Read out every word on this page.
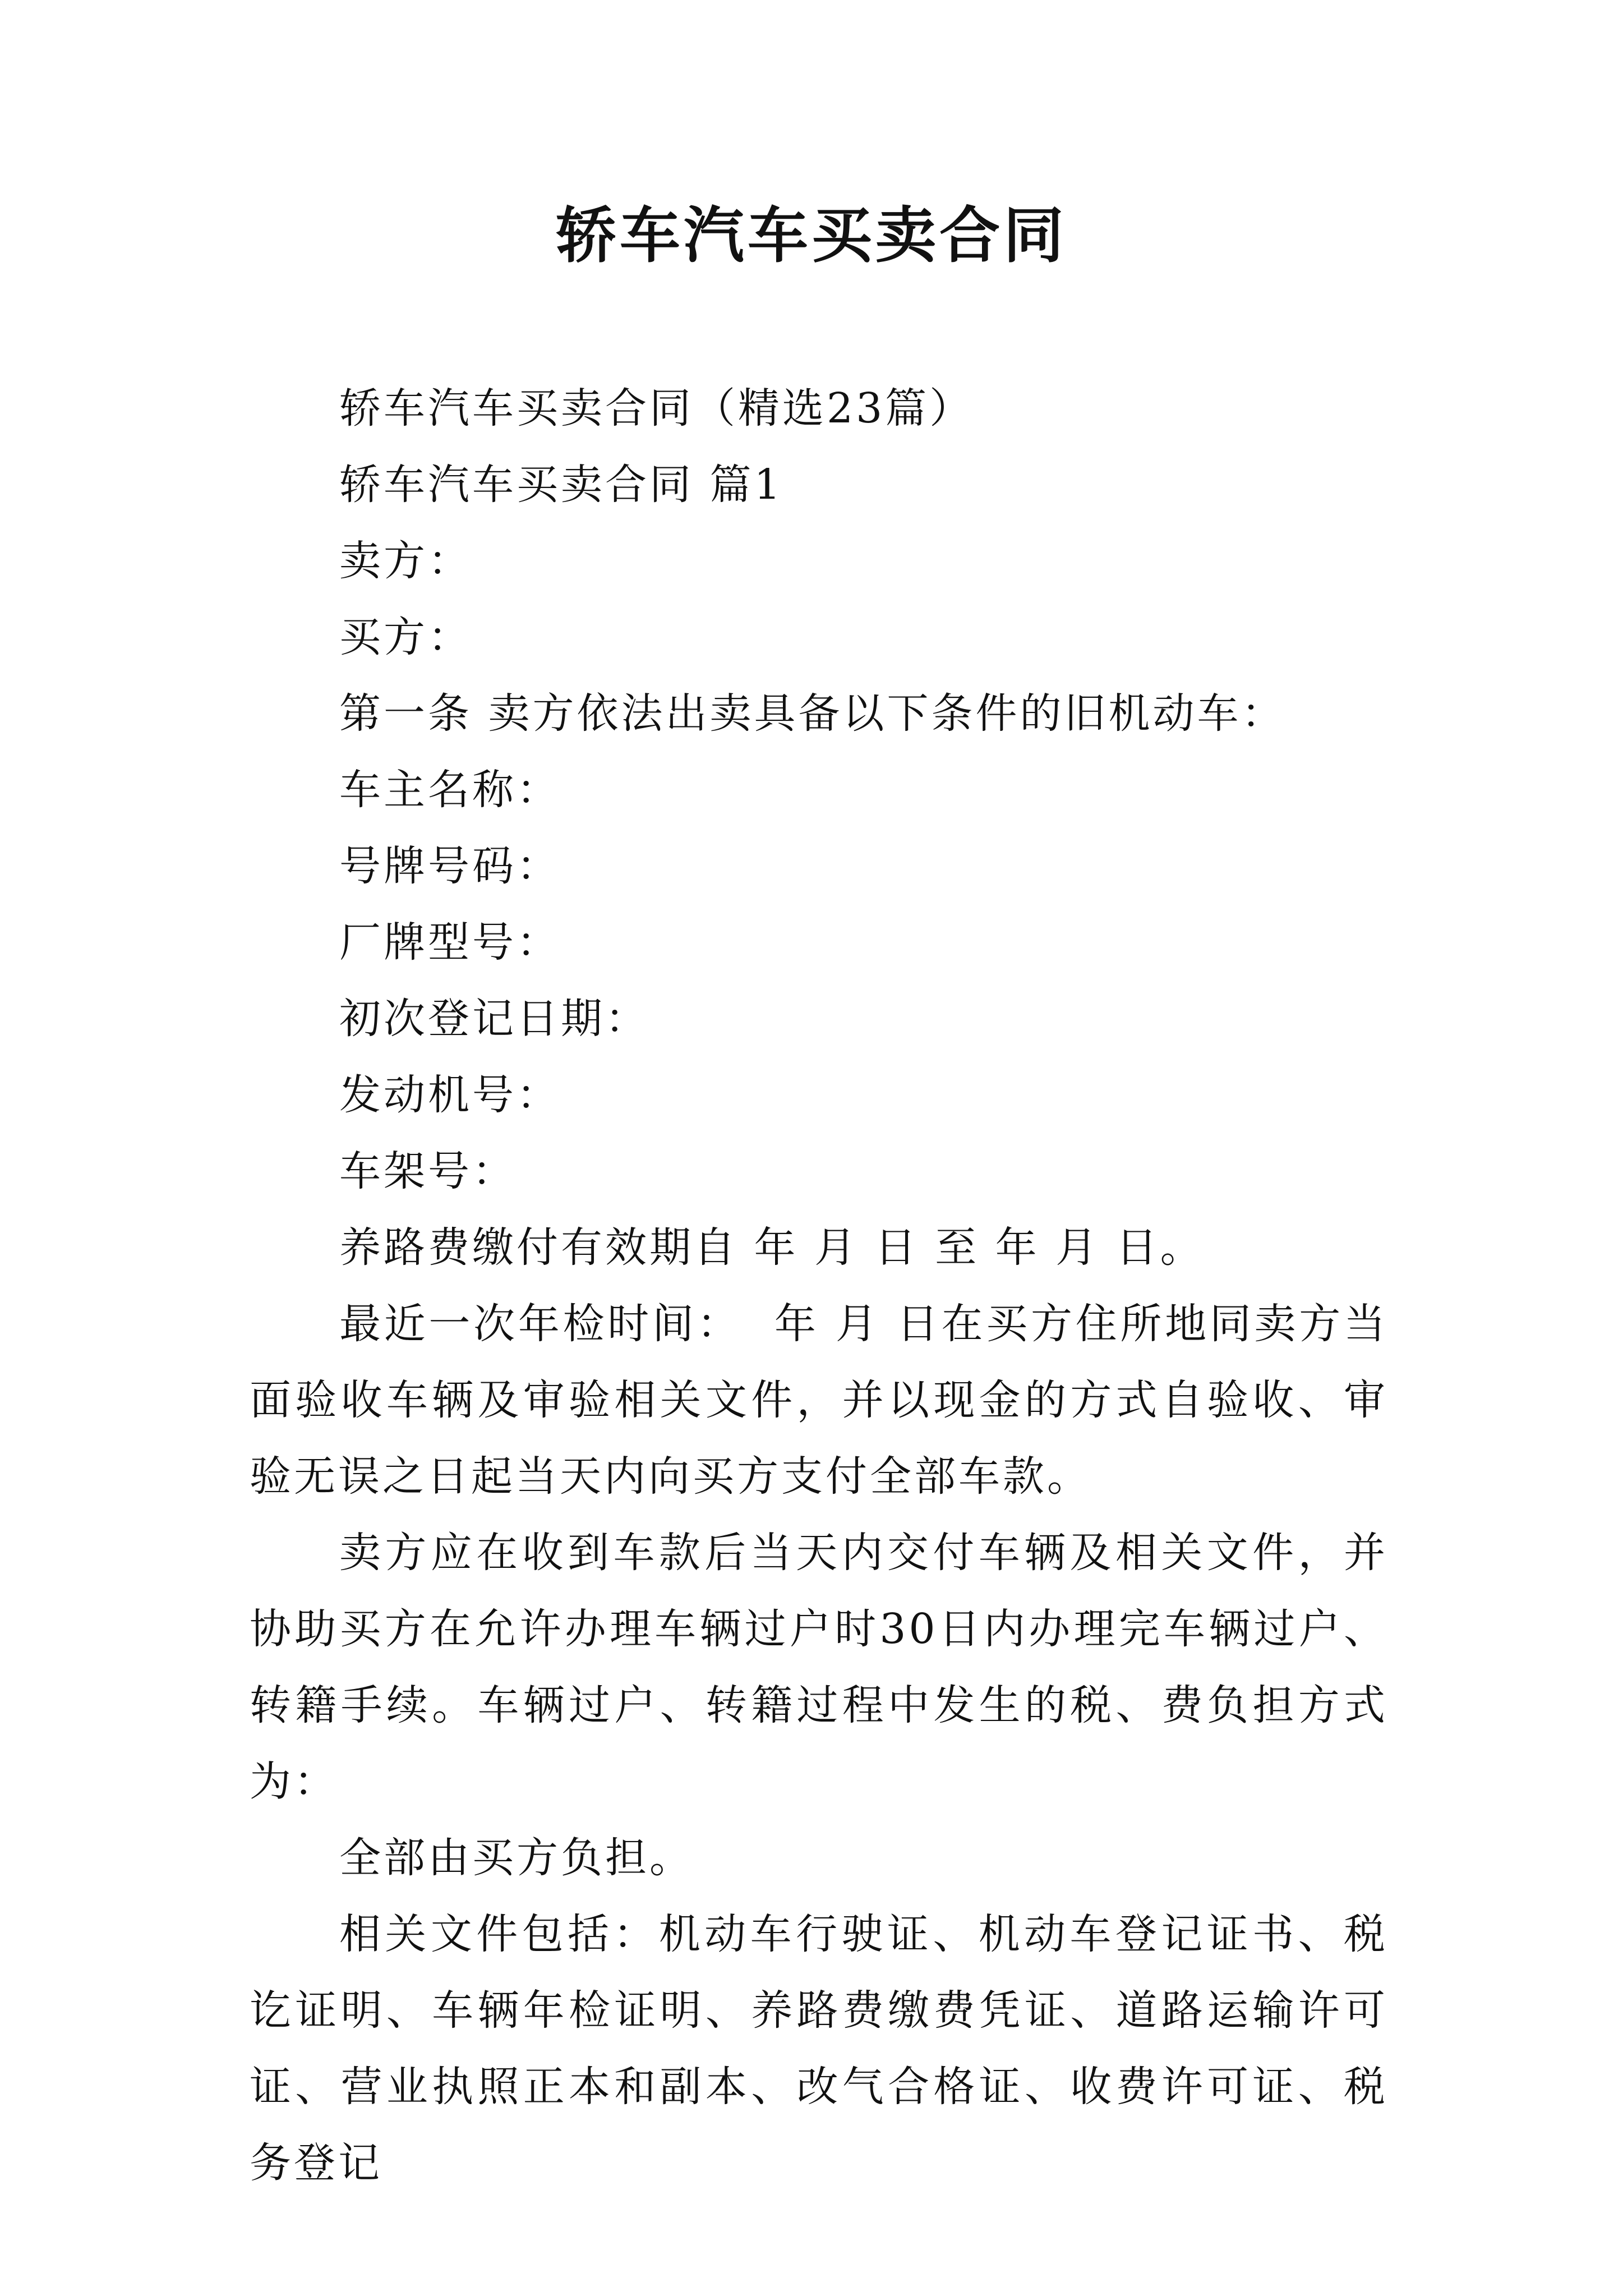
轿车汽车买卖合同

轿车汽车买卖合同（精选23篇）

轿车汽车买卖合同 篇1

卖方：

买方：

第一条 卖方依法出卖具备以下条件的旧机动车：

车主名称：

号牌号码：

厂牌型号：

初次登记日期：

发动机号：

车架号：

养路费缴付有效期自 年 月 日 至 年 月 日。

最近一次年检时间：  年 月 日在买方住所地同卖方当面验收车辆及审验相关文件，并以现金的方式自验收、审验无误之日起当天内向买方支付全部车款。

卖方应在收到车款后当天内交付车辆及相关文件，并协助买方在允许办理车辆过户时30日内办理完车辆过户、转籍手续。车辆过户、转籍过程中发生的税、费负担方式为：

全部由买方负担。

相关文件包括：机动车行驶证、机动车登记证书、税讫证明、车辆年检证明、养路费缴费凭证、道路运输许可证、营业执照正本和副本、改气合格证、收费许可证、税务登记
